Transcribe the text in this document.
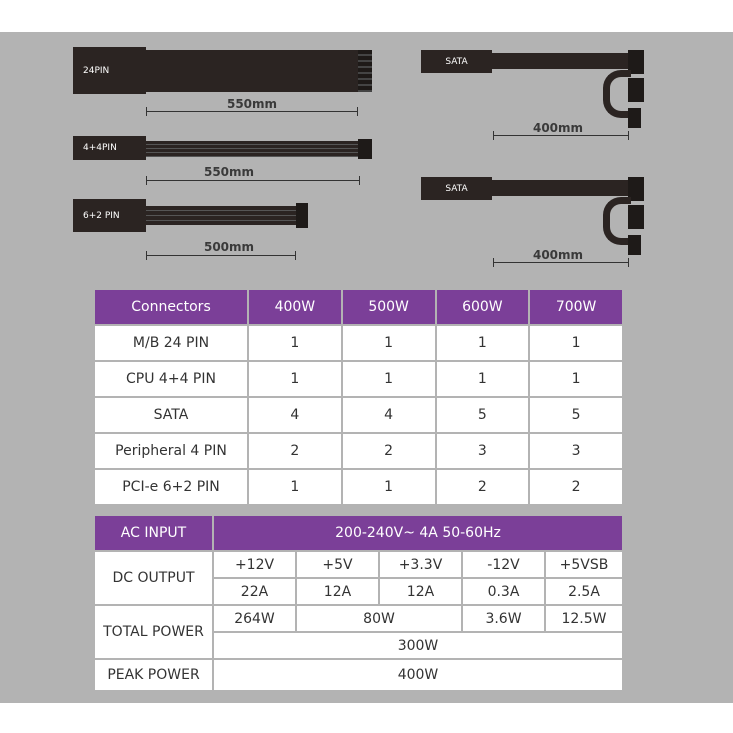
24PIN
550mm
4+4PIN
550mm
6+2 PIN
500mm
SATA
400mm
SATA
400mm
Connectors	400W	500W	600W	700W
M/B 24 PIN	1	1	1	1
CPU 4+4 PIN	1	1	1	1
SATA	4	4	5	5
Peripheral 4 PIN	2	2	3	3
PCI-e 6+2 PIN	1	1	2	2
AC INPUT	200-240V~ 4A 50-60Hz				
DC OUTPUT	+12V	+5V	+3.3V	-12V	+5VSB
	22A	12A	12A	0.3A	2.5A
TOTAL POWER	264W	80W		3.6W	12.5W
	300W				
PEAK POWER	400W				
